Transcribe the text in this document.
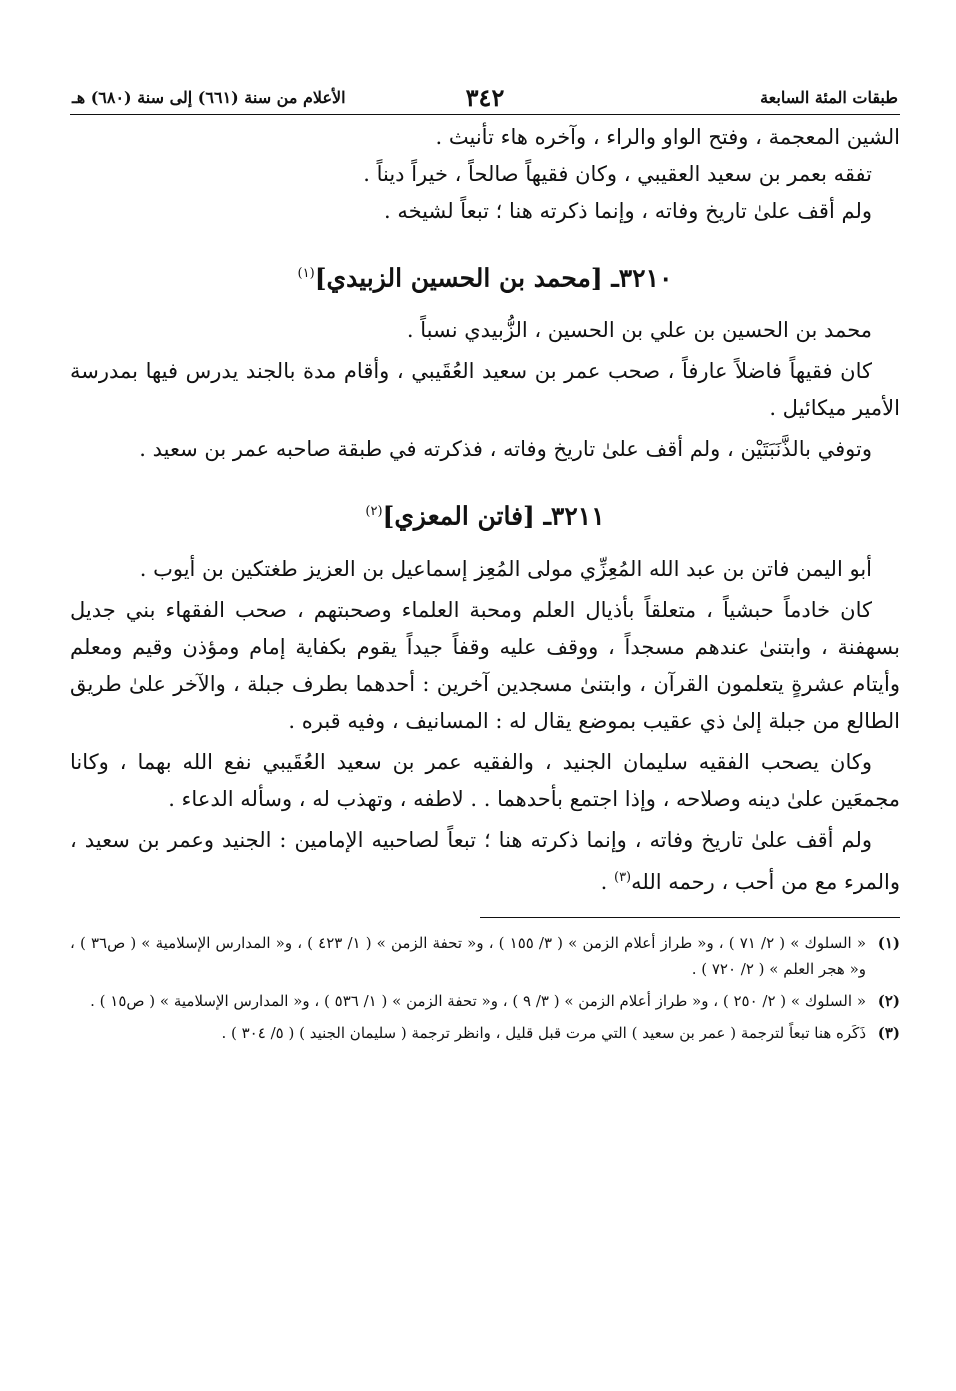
طبقات المئة السابعة
٣٤٢
الأعلام من سنة (٦٦١) إلى سنة (٦٨٠) هـ

الشين المعجمة ، وفتح الواو والراء ، وآخره هاء تأنيث .

تفقه بعمر بن سعيد العقيبي ، وكان فقيهاً صالحاً ، خيراً ديناً .

ولم أقف علىٰ تاريخ وفاته ، وإنما ذكرته هنا ؛ تبعاً لشيخه .

٣٢١٠ـ [محمد بن الحسين الزبيدي]$^{(١)}$

محمد بن الحسين بن علي بن الحسين ، الزُّبيدي نسباً .

كان فقيهاً فاضلاً عارفاً ، صحب عمر بن سعيد العُقَيبي ، وأقام مدة بالجند يدرس فيها بمدرسة الأمير ميكائيل .

وتوفي بالذَّنَبَتَيْن ، ولم أقف علىٰ تاريخ وفاته ، فذكرته في طبقة صاحبه عمر بن سعيد .

٣٢١١ـ [فاتن المعزي]$^{(٢)}$

أبو اليمن فاتن بن عبد الله المُعِزِّي مولى المُعِز إسماعيل بن العزيز طغتكين بن أيوب .

كان خادماً حبشياً ، متعلقاً بأذيال العلم ومحبة العلماء وصحبتهم ، صحب الفقهاء بني جديل بسهفنة ، وابتنىٰ عندهم مسجداً ، ووقف عليه وقفاً جيداً يقوم بكفاية إمام ومؤذن وقيم ومعلم وأيتام عشرةٍ يتعلمون القرآن ، وابتنىٰ مسجدين آخرين : أحدهما بطرف جبلة ، والآخر علىٰ طريق الطالع من جبلة إلىٰ ذي عقيب بموضع يقال له : المسانيف ، وفيه قبره .

وكان يصحب الفقيه سليمان الجنيد ، والفقيه عمر بن سعيد العُقَيبي نفع الله بهما ، وكانا مجمعَين علىٰ دينه وصلاحه ، وإذا اجتمع بأحدهما . . لاطفه ، وتهذب له ، وسأله الدعاء .

ولم أقف علىٰ تاريخ وفاته ، وإنما ذكرته هنا ؛ تبعاً لصاحبيه الإمامين : الجنيد وعمر بن سعيد ، والمرء مع من أحب ، رحمه الله$^{(٣)}$ .

(١)
« السلوك » ( ٢/ ٧١ ) ، و« طراز أعلام الزمن » ( ٣/ ١٥٥ ) ، و« تحفة الزمن » ( ١/ ٤٢٣ ) ، و« المدارس الإسلامية » ( ص٣٦ ) ، و« هجر العلم » ( ٢/ ٧٢٠ ) .
(٢)
« السلوك » ( ٢/ ٢٥٠ ) ، و« طراز أعلام الزمن » ( ٣/ ٩ ) ، و« تحفة الزمن » ( ١/ ٥٣٦ ) ، و« المدارس الإسلامية » ( ص١٥ ) .
(٣)
ذَكَره هنا تبعاً لترجمة ( عمر بن سعيد ) التي مرت قبل قليل ، وانظر ترجمة ( سليمان الجنيد ) ( ٥/ ٣٠٤ ) .
